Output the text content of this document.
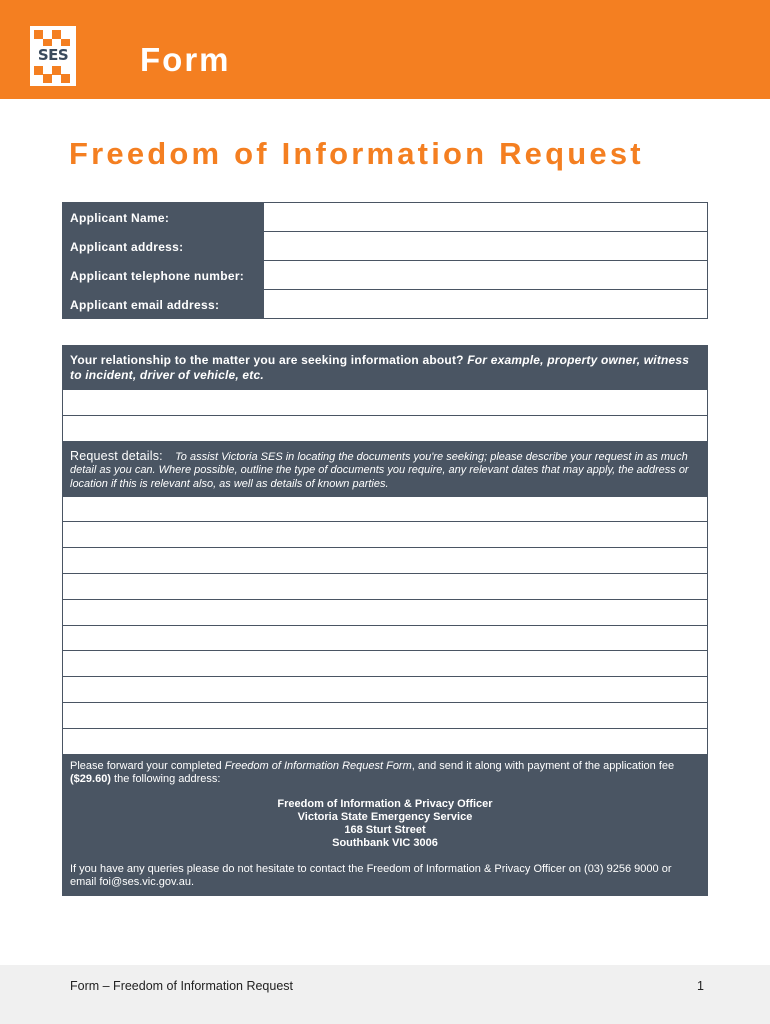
SES Form
Freedom of Information Request
Applicant Name:
Applicant address:
Applicant telephone number:
Applicant email address:
Your relationship to the matter you are seeking information about? For example, property owner, witness to incident, driver of vehicle, etc.
Request details: To assist Victoria SES in locating the documents you're seeking; please describe your request in as much detail as you can. Where possible, outline the type of documents you require, any relevant dates that may apply, the address or location if this is relevant also, as well as details of known parties.
Please forward your completed Freedom of Information Request Form, and send it along with payment of the application fee ($29.60) the following address:
Freedom of Information & Privacy Officer
Victoria State Emergency Service
168 Sturt Street
Southbank VIC 3006
If you have any queries please do not hesitate to contact the Freedom of Information & Privacy Officer on (03) 9256 9000 or email foi@ses.vic.gov.au.
Form – Freedom of Information Request	1
